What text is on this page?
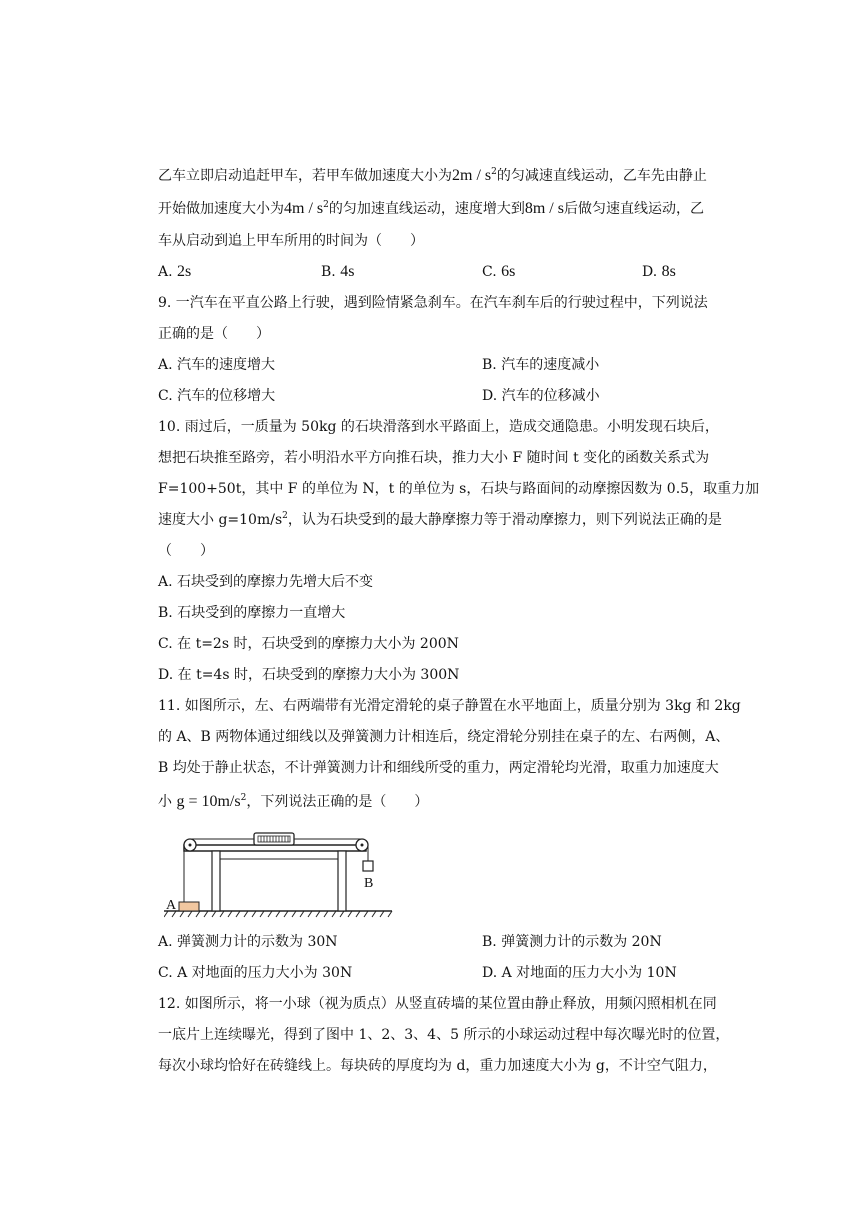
乙车立即启动追赶甲车，若甲车做加速度大小为$2m / s^2$的匀减速直线运动，乙车先由静止
开始做加速度大小为$4m / s^2$的匀加速直线运动，速度增大到8m / s后做匀速直线运动，乙
车从启动到追上甲车所用的时间为（　　）
A. 2s	B. 4s	C. 6s	D. 8s
9. 一汽车在平直公路上行驶，遇到险情紧急刹车。在汽车刹车后的行驶过程中，下列说法
正确的是（　　）
A. 汽车的速度增大	B. 汽车的速度减小
C. 汽车的位移增大	D. 汽车的位移减小
10. 雨过后，一质量为 50kg 的石块滑落到水平路面上，造成交通隐患。小明发现石块后，
想把石块推至路旁，若小明沿水平方向推石块，推力大小 F 随时间 t 变化的函数关系式为
F=100+50t，其中 F 的单位为 N，t 的单位为 s，石块与路面间的动摩擦因数为 0.5，取重力加
速度大小 $g=10m/s^2$，认为石块受到的最大静摩擦力等于滑动摩擦力，则下列说法正确的是
（　　）
A. 石块受到的摩擦力先增大后不变
B. 石块受到的摩擦力一直增大
C. 在 t=2s 时，石块受到的摩擦力大小为 200N
D. 在 t=4s 时，石块受到的摩擦力大小为 300N
11. 如图所示，左、右两端带有光滑定滑轮的桌子静置在水平地面上，质量分别为 3kg 和 2kg
的 A、B 两物体通过细线以及弹簧测力计相连后，绕定滑轮分别挂在桌子的左、右两侧，A、
B 均处于静止状态，不计弹簧测力计和细线所受的重力，两定滑轮均光滑，取重力加速度大
小 $g = 10m/s^2$，下列说法正确的是（　　）
A
B
A. 弹簧测力计的示数为 30N	B. 弹簧测力计的示数为 20N
C. A 对地面的压力大小为 30N	D. A 对地面的压力大小为 10N
12. 如图所示，将一小球（视为质点）从竖直砖墙的某位置由静止释放，用频闪照相机在同
一底片上连续曝光，得到了图中 1、2、3、4、5 所示的小球运动过程中每次曝光时的位置，
每次小球均恰好在砖缝线上。每块砖的厚度均为 d，重力加速度大小为 g，不计空气阻力，
